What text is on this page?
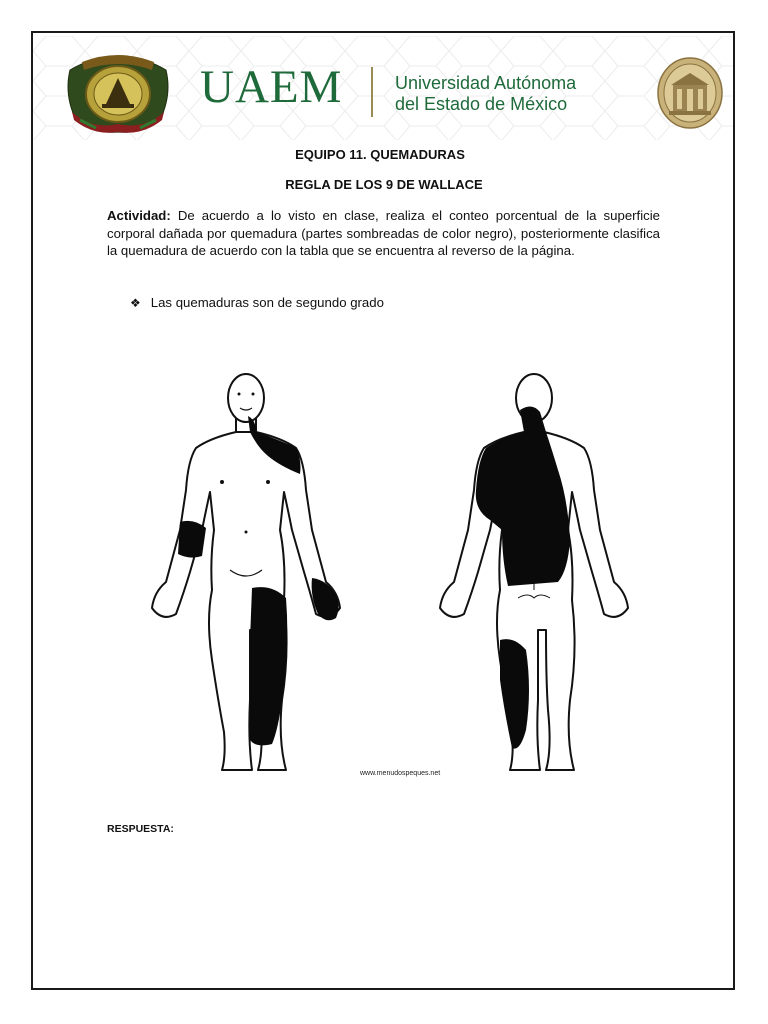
UAEM	Universidad Autónoma
del Estado de México
EQUIPO 11. QUEMADURAS
REGLA DE LOS 9 DE WALLACE
Actividad: De acuerdo a lo visto en clase, realiza el conteo porcentual de la superficie corporal dañada por quemadura (partes sombreadas de color negro), posteriormente clasifica la quemadura de acuerdo con la tabla que se encuentra al reverso de la página.
❖ Las quemaduras son de segundo grado
www.menudospeques.net
RESPUESTA:
